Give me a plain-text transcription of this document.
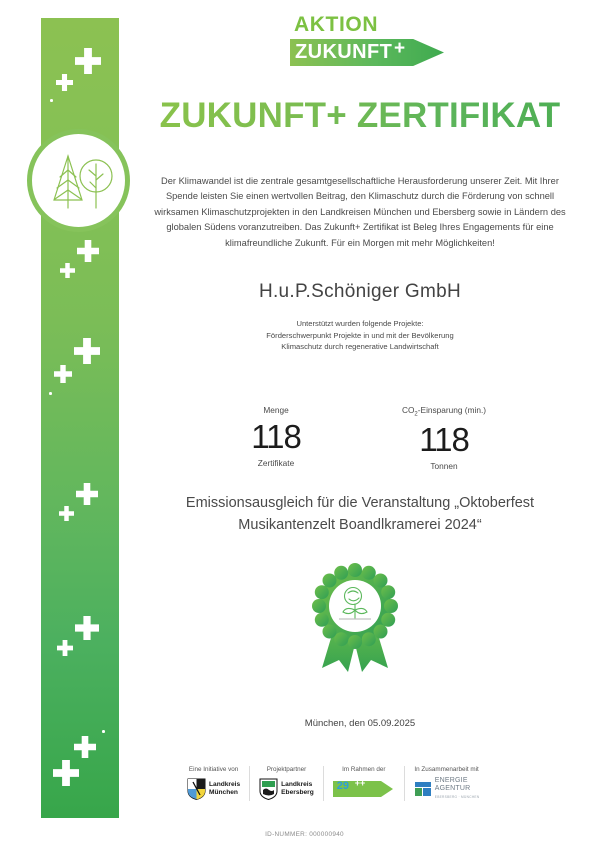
AKTION
ZUKUNFT +
ZUKUNFT+ ZERTIFIKAT
Der Klimawandel ist die zentrale gesamtgesellschaftliche Herausforderung unserer Zeit. Mit Ihrer Spende leisten Sie einen wertvollen Beitrag, den Klimaschutz durch die Förderung von schnell wirksamen Klimaschutzprojekten in den Landkreisen München und Ebersberg sowie in Ländern des globalen Südens voranzutreiben. Das Zukunft+ Zertifikat ist Beleg Ihres Engagements für eine klimafreundliche Zukunft. Für ein Morgen mit mehr Möglichkeiten!
H.u.P.Schöniger GmbH
Unterstützt wurden folgende Projekte:
Förderschwerpunkt Projekte in und mit der Bevölkerung
Klimaschutz durch regenerative Landwirtschaft
Menge
118
Zertifikate
$CO_2$-Einsparung (min.)
118
Tonnen
Emissionsausgleich für die Veranstaltung „Oktoberfest Musikantenzelt Boandlkramerei 2024“
München, den 05.09.2025
Eine Initiative von
Landkreis
München
Projektpartner
Landkreis
Ebersberg
Im Rahmen der
29 ++
In Zusammenarbeit mit
ENERGIE
AGENTUR
EBERSBERG · MÜNCHEN
ID-NUMMER: 000000940
